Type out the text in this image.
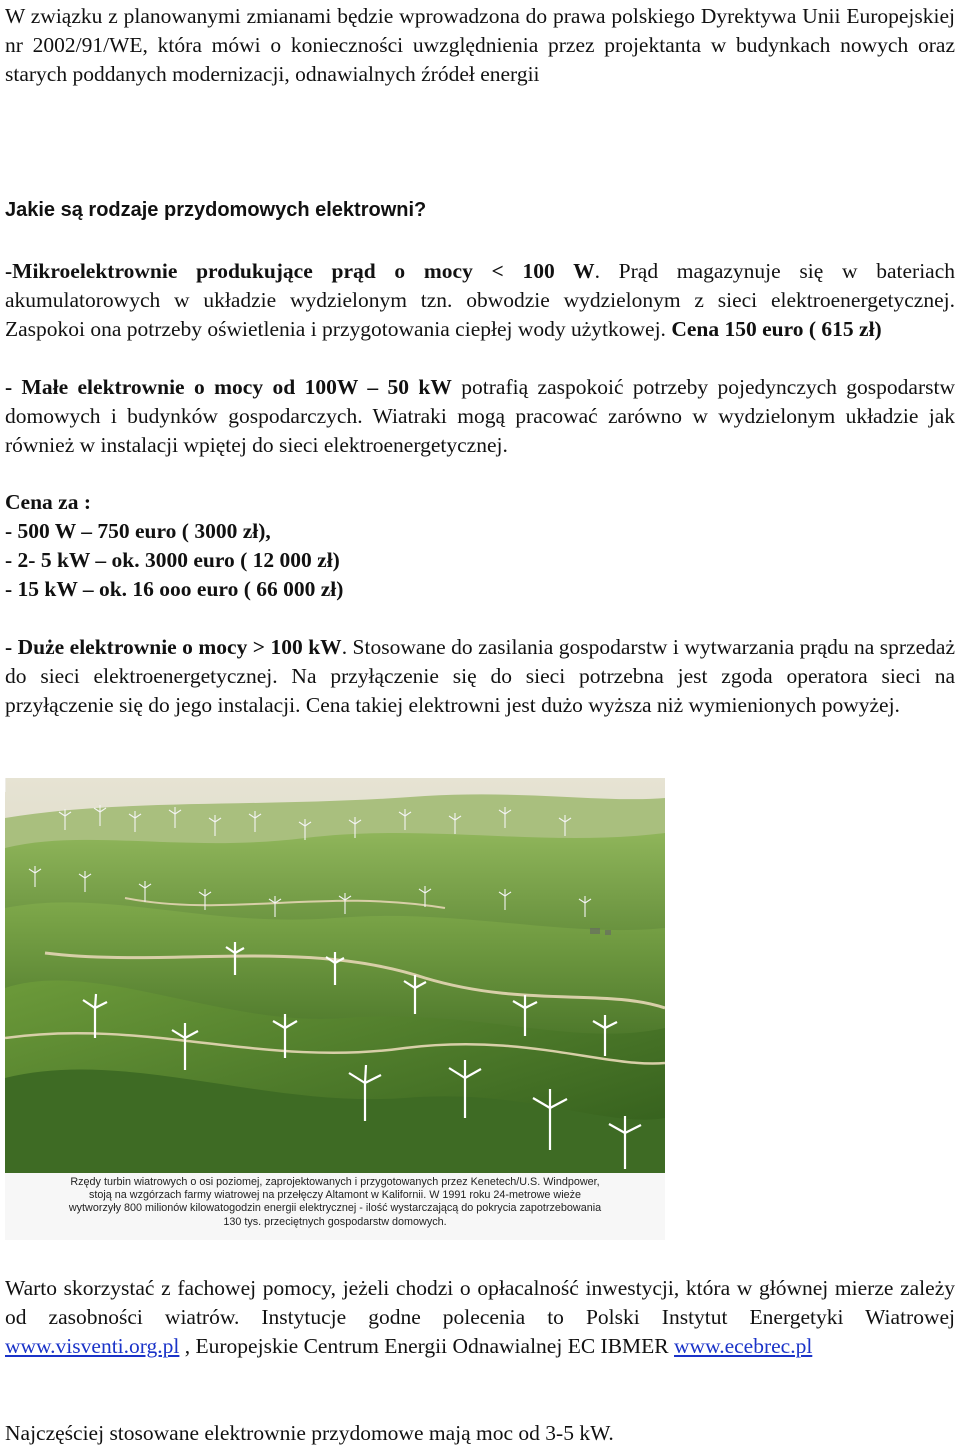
W związku z planowanymi zmianami będzie wprowadzona do prawa polskiego Dyrektywa Unii Europejskiej nr 2002/91/WE, która mówi o konieczności uwzględnienia przez projektanta w budynkach nowych oraz starych poddanych modernizacji, odnawialnych źródeł energii

Jakie są rodzaje przydomowych elektrowni?

-Mikroelektrownie produkujące prąd o mocy < 100 W. Prąd magazynuje się w bateriach akumulatorowych w układzie wydzielonym tzn. obwodzie wydzielonym z sieci elektroenergetycznej. Zaspokoi ona potrzeby oświetlenia i przygotowania ciepłej wody użytkowej. Cena 150 euro ( 615 zł)

- Małe elektrownie o mocy od 100W – 50 kW potrafią zaspokoić potrzeby pojedynczych gospodarstw domowych i budynków gospodarczych. Wiatraki mogą pracować zarówno w wydzielonym układzie jak również w instalacji wpiętej do sieci elektroenergetycznej.

Cena za :
- 500 W – 750 euro ( 3000 zł),
- 2- 5 kW – ok. 3000 euro ( 12 000 zł)
- 15 kW – ok. 16 ooo euro ( 66 000 zł)

- Duże elektrownie o mocy > 100 kW. Stosowane do zasilania gospodarstw i wytwarzania prądu na sprzedaż do sieci elektroenergetycznej. Na przyłączenie się do sieci potrzebna jest zgoda operatora sieci na przyłączenie się do jego instalacji. Cena takiej elektrowni jest dużo wyższa niż wymienionych powyżej.

Rzędy turbin wiatrowych o osi poziomej, zaprojektowanych i przygotowanych przez Kenetech/U.S. Windpower,
stoją na wzgórzach farmy wiatrowej na przełęczy Altamont w Kalifornii. W 1991 roku 24-metrowe wieże
wytworzyły 800 milionów kilowatogodzin energii elektrycznej - ilość wystarczającą do pokrycia zapotrzebowania
130 tys. przeciętnych gospodarstw domowych.

Warto skorzystać z fachowej pomocy, jeżeli chodzi o opłacalność inwestycji, która w głównej mierze zależy od zasobności wiatrów. Instytucje godne polecenia to Polski Instytut Energetyki Wiatrowej www.visventi.org.pl , Europejskie Centrum Energii Odnawialnej EC IBMER www.ecebrec.pl

Najczęściej stosowane elektrownie przydomowe mają moc od 3-5 kW.
